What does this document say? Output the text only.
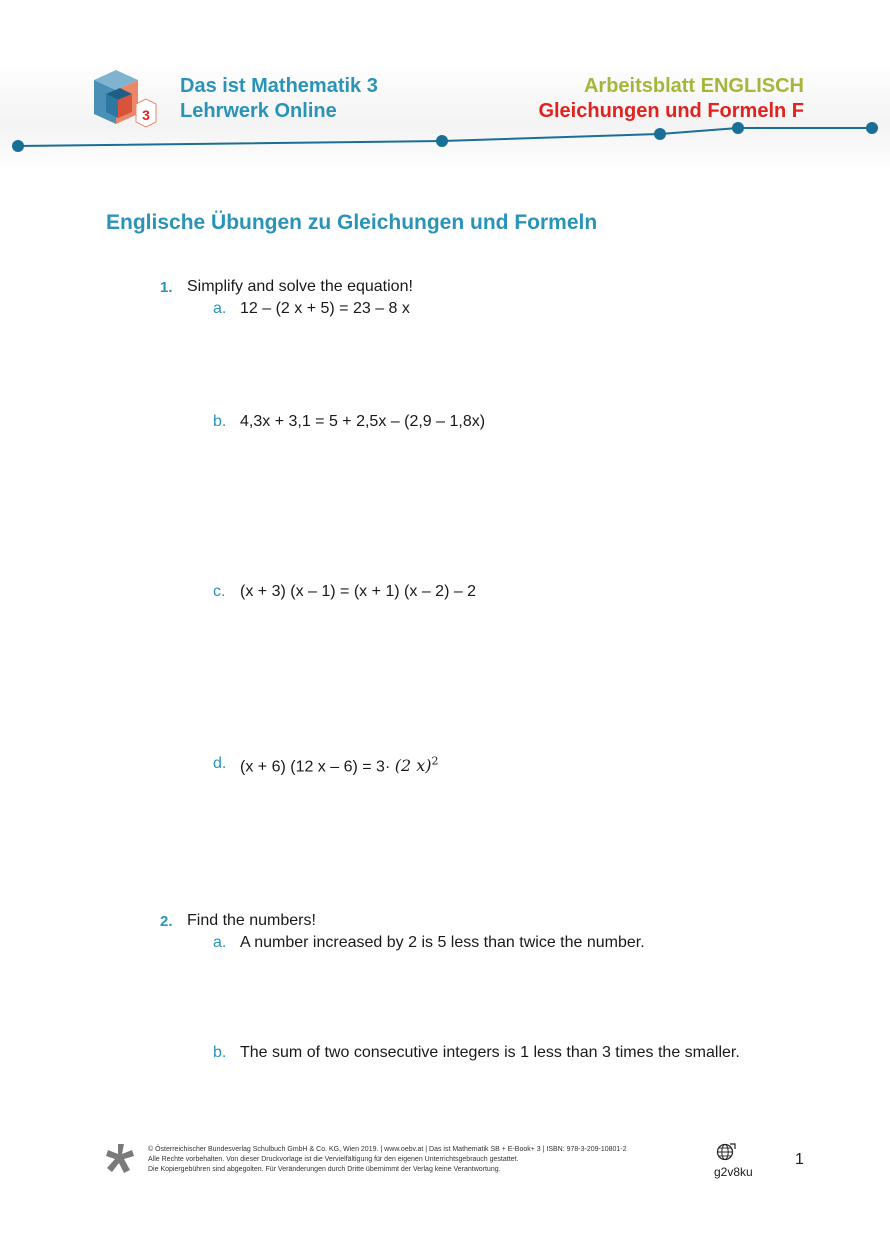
3
Das ist Mathematik 3
Lehrwerk Online
Arbeitsblatt ENGLISCH
Gleichungen und Formeln F
Englische Übungen zu Gleichungen und Formeln
1. Simplify and solve the equation!
a. 12 – (2 x + 5) = 23 – 8 x
b. 4,3x + 3,1 = 5 + 2,5x – (2,9 – 1,8x)
c. (x + 3) (x – 1) = (x + 1) (x – 2) – 2
d. (x + 6) (12 x – 6) = 3· (2 x)$^2$
2. Find the numbers!
a. A number increased by 2 is 5 less than twice the number.
b. The sum of two consecutive integers is 1 less than 3 times the smaller.
© Österreichischer Bundesverlag Schulbuch GmbH & Co. KG, Wien 2019. | www.oebv.at | Das ist Mathematik SB + E-Book+ 3 | ISBN: 978-3-209-10801-2
Alle Rechte vorbehalten. Von dieser Druckvorlage ist die Vervielfältigung für den eigenen Unterrichtsgebrauch gestattet.
Die Kopiergebühren sind abgegolten. Für Veränderungen durch Dritte übernimmt der Verlag keine Verantwortung.	g2v8ku
1
